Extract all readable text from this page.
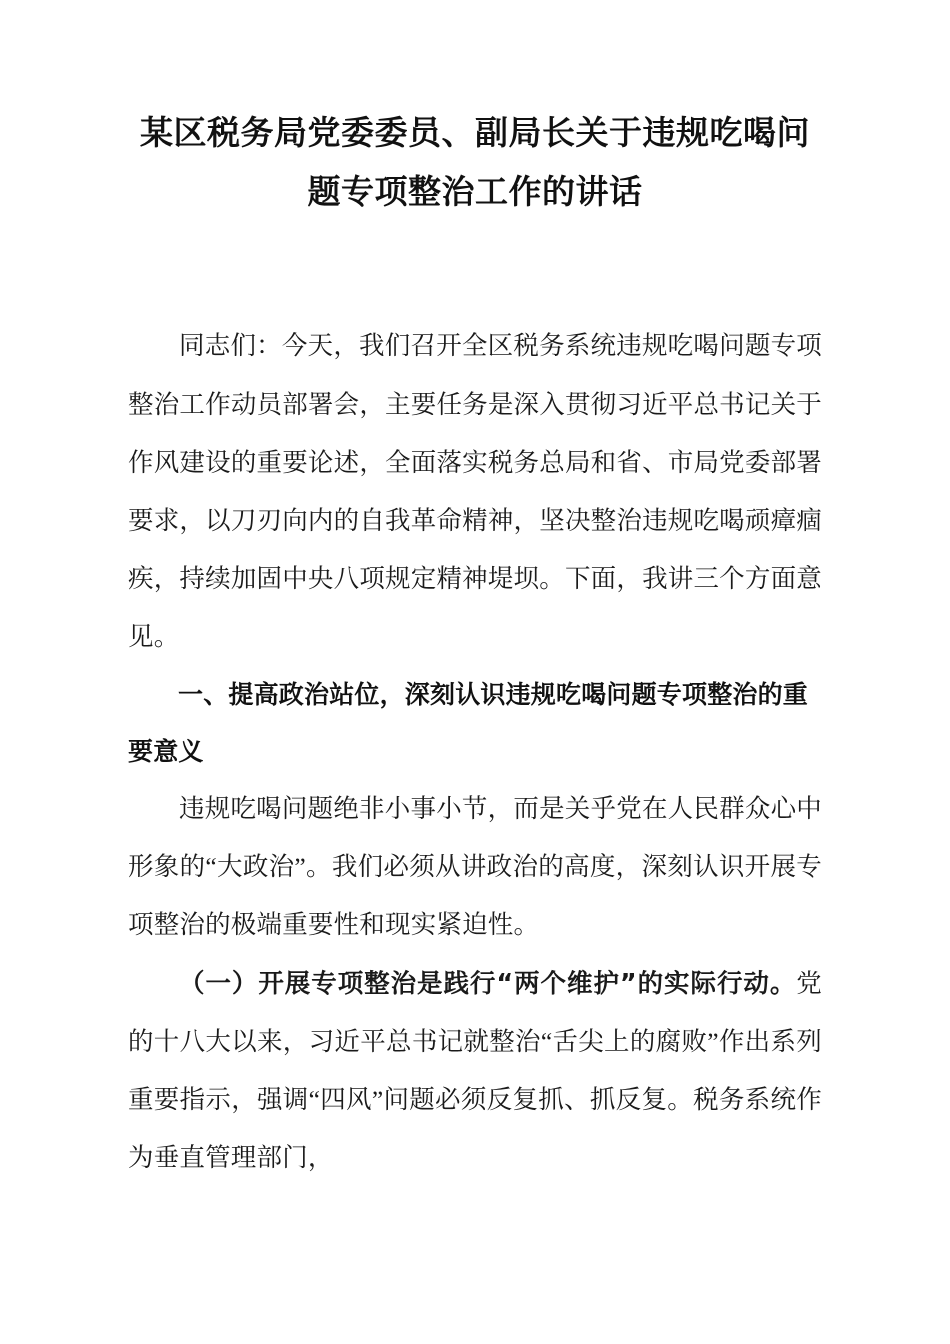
某区税务局党委委员、副局长关于违规吃喝问题专项整治工作的讲话

同志们：今天，我们召开全区税务系统违规吃喝问题专项整治工作动员部署会，主要任务是深入贯彻习近平总书记关于作风建设的重要论述，全面落实税务总局和省、市局党委部署要求，以刀刃向内的自我革命精神，坚决整治违规吃喝顽瘴痼疾，持续加固中央八项规定精神堤坝。下面，我讲三个方面意见。

一、提高政治站位，深刻认识违规吃喝问题专项整治的重要意义

违规吃喝问题绝非小事小节，而是关乎党在人民群众心中形象的“大政治”。我们必须从讲政治的高度，深刻认识开展专项整治的极端重要性和现实紧迫性。

（一）开展专项整治是践行“两个维护”的实际行动。党的十八大以来，习近平总书记就整治“舌尖上的腐败”作出系列重要指示，强调“四风”问题必须反复抓、抓反复。税务系统作为垂直管理部门，
